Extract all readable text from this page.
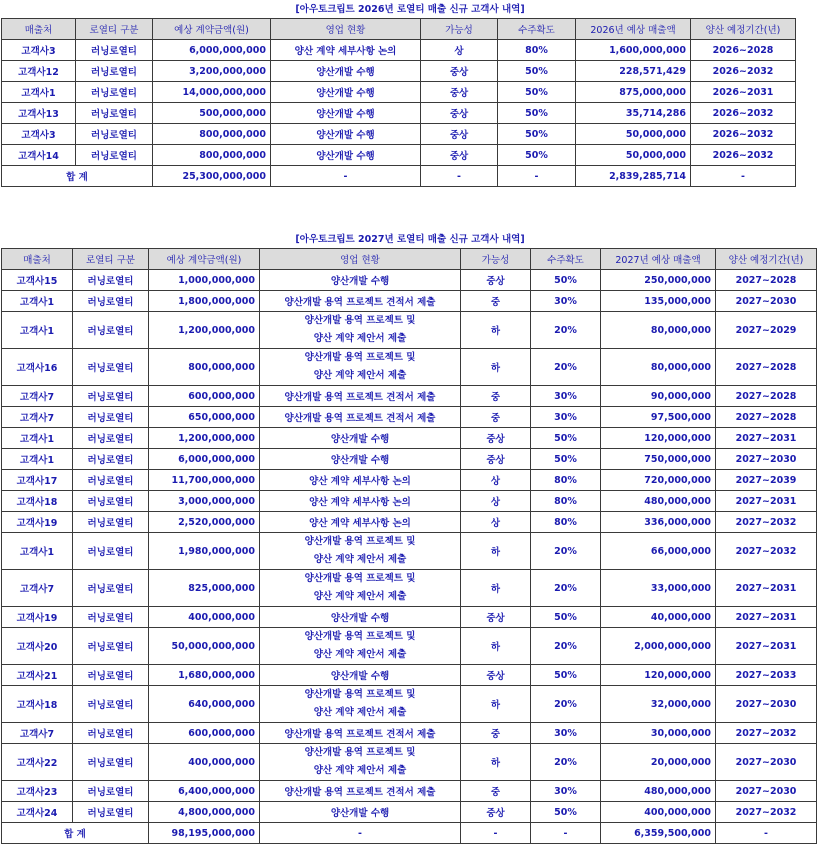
[아우토크립트 2026년 로열티 매출 신규 고객사 내역]
매출처	로열티 구분	예상 계약금액(원)	영업 현황	가능성	수주확도	2026년 예상 매출액	양산 예정기간(년)
고객사3	러닝로열티	6,000,000,000	양산 계약 세부사항 논의	상	80%	1,600,000,000	2026~2028
고객사12	러닝로열티	3,200,000,000	양산개발 수행	중상	50%	228,571,429	2026~2032
고객사1	러닝로열티	14,000,000,000	양산개발 수행	중상	50%	875,000,000	2026~2031
고객사13	러닝로열티	500,000,000	양산개발 수행	중상	50%	35,714,286	2026~2032
고객사3	러닝로열티	800,000,000	양산개발 수행	중상	50%	50,000,000	2026~2032
고객사14	러닝로열티	800,000,000	양산개발 수행	중상	50%	50,000,000	2026~2032
합 계		25,300,000,000	-	-	-	2,839,285,714	-
[아우토크립트 2027년 로열티 매출 신규 고객사 내역]
매출처	로열티 구분	예상 계약금액(원)	영업 현황	가능성	수주확도	2027년 예상 매출액	양산 예정기간(년)
고객사15	러닝로열티	1,000,000,000	양산개발 수행	중상	50%	250,000,000	2027~2028
고객사1	러닝로열티	1,800,000,000	양산개발 용역 프로젝트 견적서 제출	중	30%	135,000,000	2027~2030
고객사1	러닝로열티	1,200,000,000	양산개발 용역 프로젝트 및
양산 계약 제안서 제출	하	20%	80,000,000	2027~2029
고객사16	러닝로열티	800,000,000	양산개발 용역 프로젝트 및
양산 계약 제안서 제출	하	20%	80,000,000	2027~2028
고객사7	러닝로열티	600,000,000	양산개발 용역 프로젝트 견적서 제출	중	30%	90,000,000	2027~2028
고객사7	러닝로열티	650,000,000	양산개발 용역 프로젝트 견적서 제출	중	30%	97,500,000	2027~2028
고객사1	러닝로열티	1,200,000,000	양산개발 수행	중상	50%	120,000,000	2027~2031
고객사1	러닝로열티	6,000,000,000	양산개발 수행	중상	50%	750,000,000	2027~2030
고객사17	러닝로열티	11,700,000,000	양산 계약 세부사항 논의	상	80%	720,000,000	2027~2039
고객사18	러닝로열티	3,000,000,000	양산 계약 세부사항 논의	상	80%	480,000,000	2027~2031
고객사19	러닝로열티	2,520,000,000	양산 계약 세부사항 논의	상	80%	336,000,000	2027~2032
고객사1	러닝로열티	1,980,000,000	양산개발 용역 프로젝트 및
양산 계약 제안서 제출	하	20%	66,000,000	2027~2032
고객사7	러닝로열티	825,000,000	양산개발 용역 프로젝트 및
양산 계약 제안서 제출	하	20%	33,000,000	2027~2031
고객사19	러닝로열티	400,000,000	양산개발 수행	중상	50%	40,000,000	2027~2031
고객사20	러닝로열티	50,000,000,000	양산개발 용역 프로젝트 및
양산 계약 제안서 제출	하	20%	2,000,000,000	2027~2031
고객사21	러닝로열티	1,680,000,000	양산개발 수행	중상	50%	120,000,000	2027~2033
고객사18	러닝로열티	640,000,000	양산개발 용역 프로젝트 및
양산 계약 제안서 제출	하	20%	32,000,000	2027~2030
고객사7	러닝로열티	600,000,000	양산개발 용역 프로젝트 견적서 제출	중	30%	30,000,000	2027~2032
고객사22	러닝로열티	400,000,000	양산개발 용역 프로젝트 및
양산 계약 제안서 제출	하	20%	20,000,000	2027~2030
고객사23	러닝로열티	6,400,000,000	양산개발 용역 프로젝트 견적서 제출	중	30%	480,000,000	2027~2030
고객사24	러닝로열티	4,800,000,000	양산개발 수행	중상	50%	400,000,000	2027~2032
합 계		98,195,000,000	-	-	-	6,359,500,000	-
